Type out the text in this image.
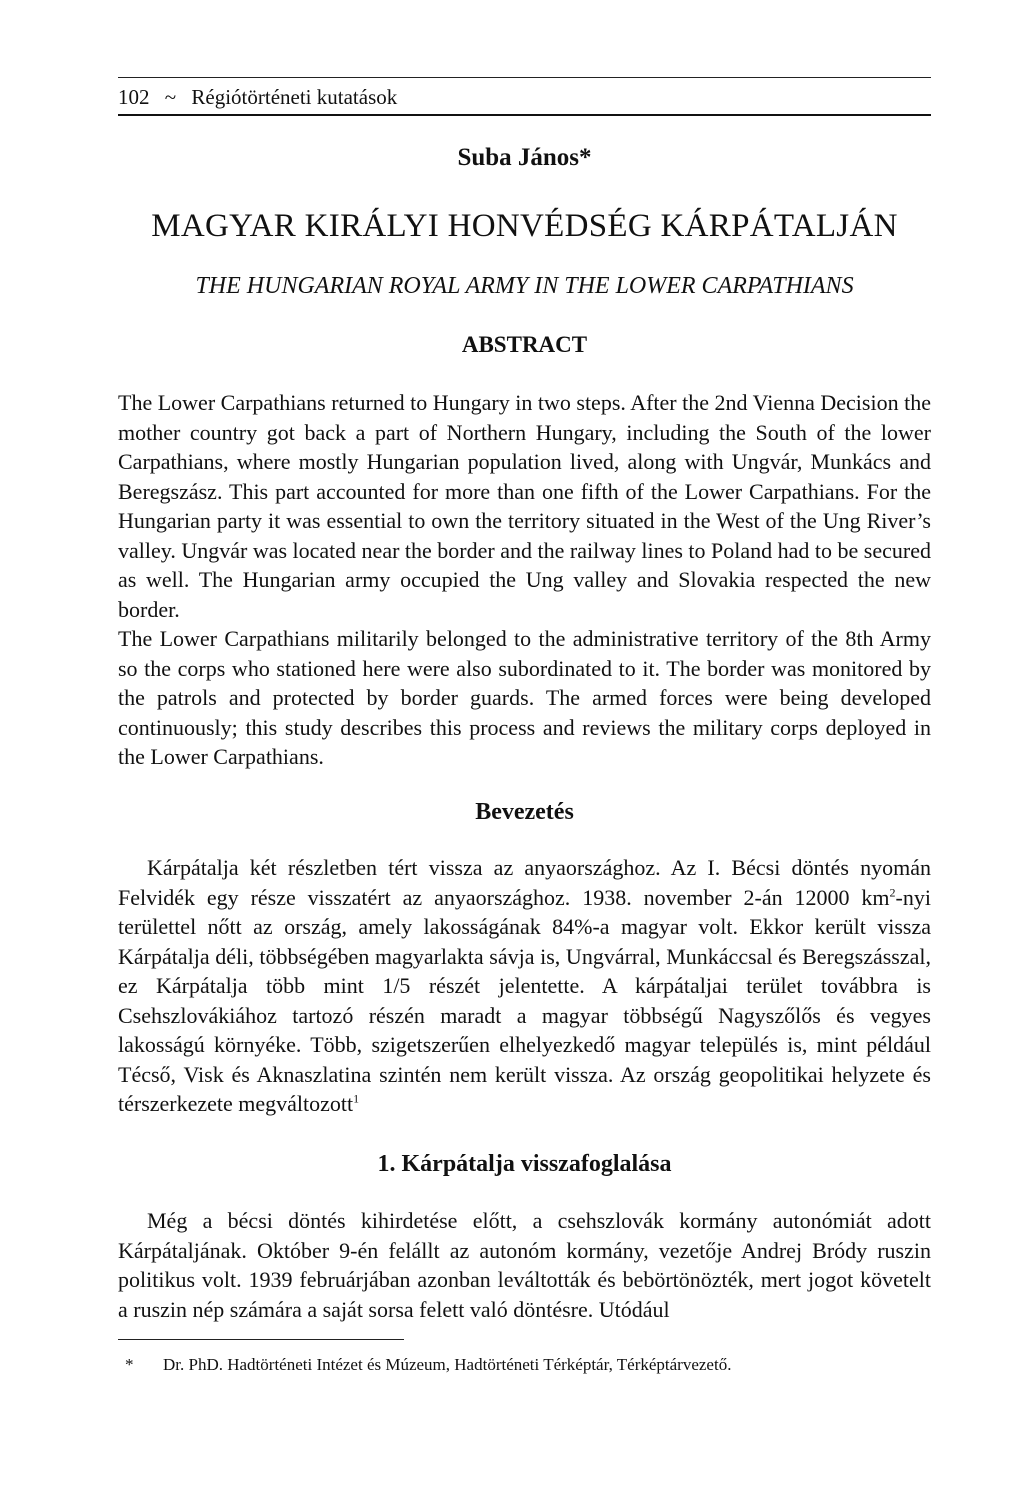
102 ~ Régiótörténeti kutatások
Suba János*
MAGYAR KIRÁLYI HONVÉDSÉG KÁRPÁTALJÁN
THE HUNGARIAN ROYAL ARMY IN THE LOWER CARPATHIANS
ABSTRACT

The Lower Carpathians returned to Hungary in two steps. After the 2nd Vienna Decision the mother country got back a part of Northern Hungary, including the South of the lower Carpathians, where mostly Hungarian population lived, along with Ungvár, Munkács and Beregszász. This part accounted for more than one fifth of the Lower Carpathians. For the Hungarian party it was essential to own the territory situated in the West of the Ung River’s valley. Ungvár was located near the border and the railway lines to Poland had to be secured as well. The Hungarian army occupied the Ung valley and Slovakia respected the new border.

The Lower Carpathians militarily belonged to the administrative territory of the 8th Army so the corps who stationed here were also subordinated to it. The border was monitored by the patrols and protected by border guards. The armed forces were being developed continuously; this study describes this process and reviews the military corps deployed in the Lower Carpathians.

Bevezetés

Kárpátalja két részletben tért vissza az anyaországhoz. Az I. Bécsi döntés nyomán Felvidék egy része visszatért az anyaországhoz. 1938. november 2-án 12000 $km^2$-nyi területtel nőtt az ország, amely lakosságának 84%-a magyar volt. Ekkor került vissza Kárpátalja déli, többségében magyarlakta sávja is, Ungvárral, Munkáccsal és Beregszásszal, ez Kárpátalja több mint 1/5 részét jelentette. A kárpátaljai terület továbbra is Csehszlovákiához tartozó részén maradt a magyar többségű Nagyszőlős és vegyes lakosságú környéke. Több, szigetszerűen elhelyezkedő magyar település is, mint például Técső, Visk és Aknaszlatina szintén nem került vissza. Az ország geopolitikai helyzete és térszerkezete megváltozott$^1$

1. Kárpátalja visszafoglalása

Még a bécsi döntés kihirdetése előtt, a csehszlovák kormány autonómiát adott Kárpátaljának. Október 9-én felállt az autonóm kormány, vezetője Andrej Bródy ruszin politikus volt. 1939 februárjában azonban leváltották és bebörtönözték, mert jogot követelt a ruszin nép számára a saját sorsa felett való döntésre. Utódául

* Dr. PhD. Hadtörténeti Intézet és Múzeum, Hadtörténeti Térképtár, Térképtárvezető.
